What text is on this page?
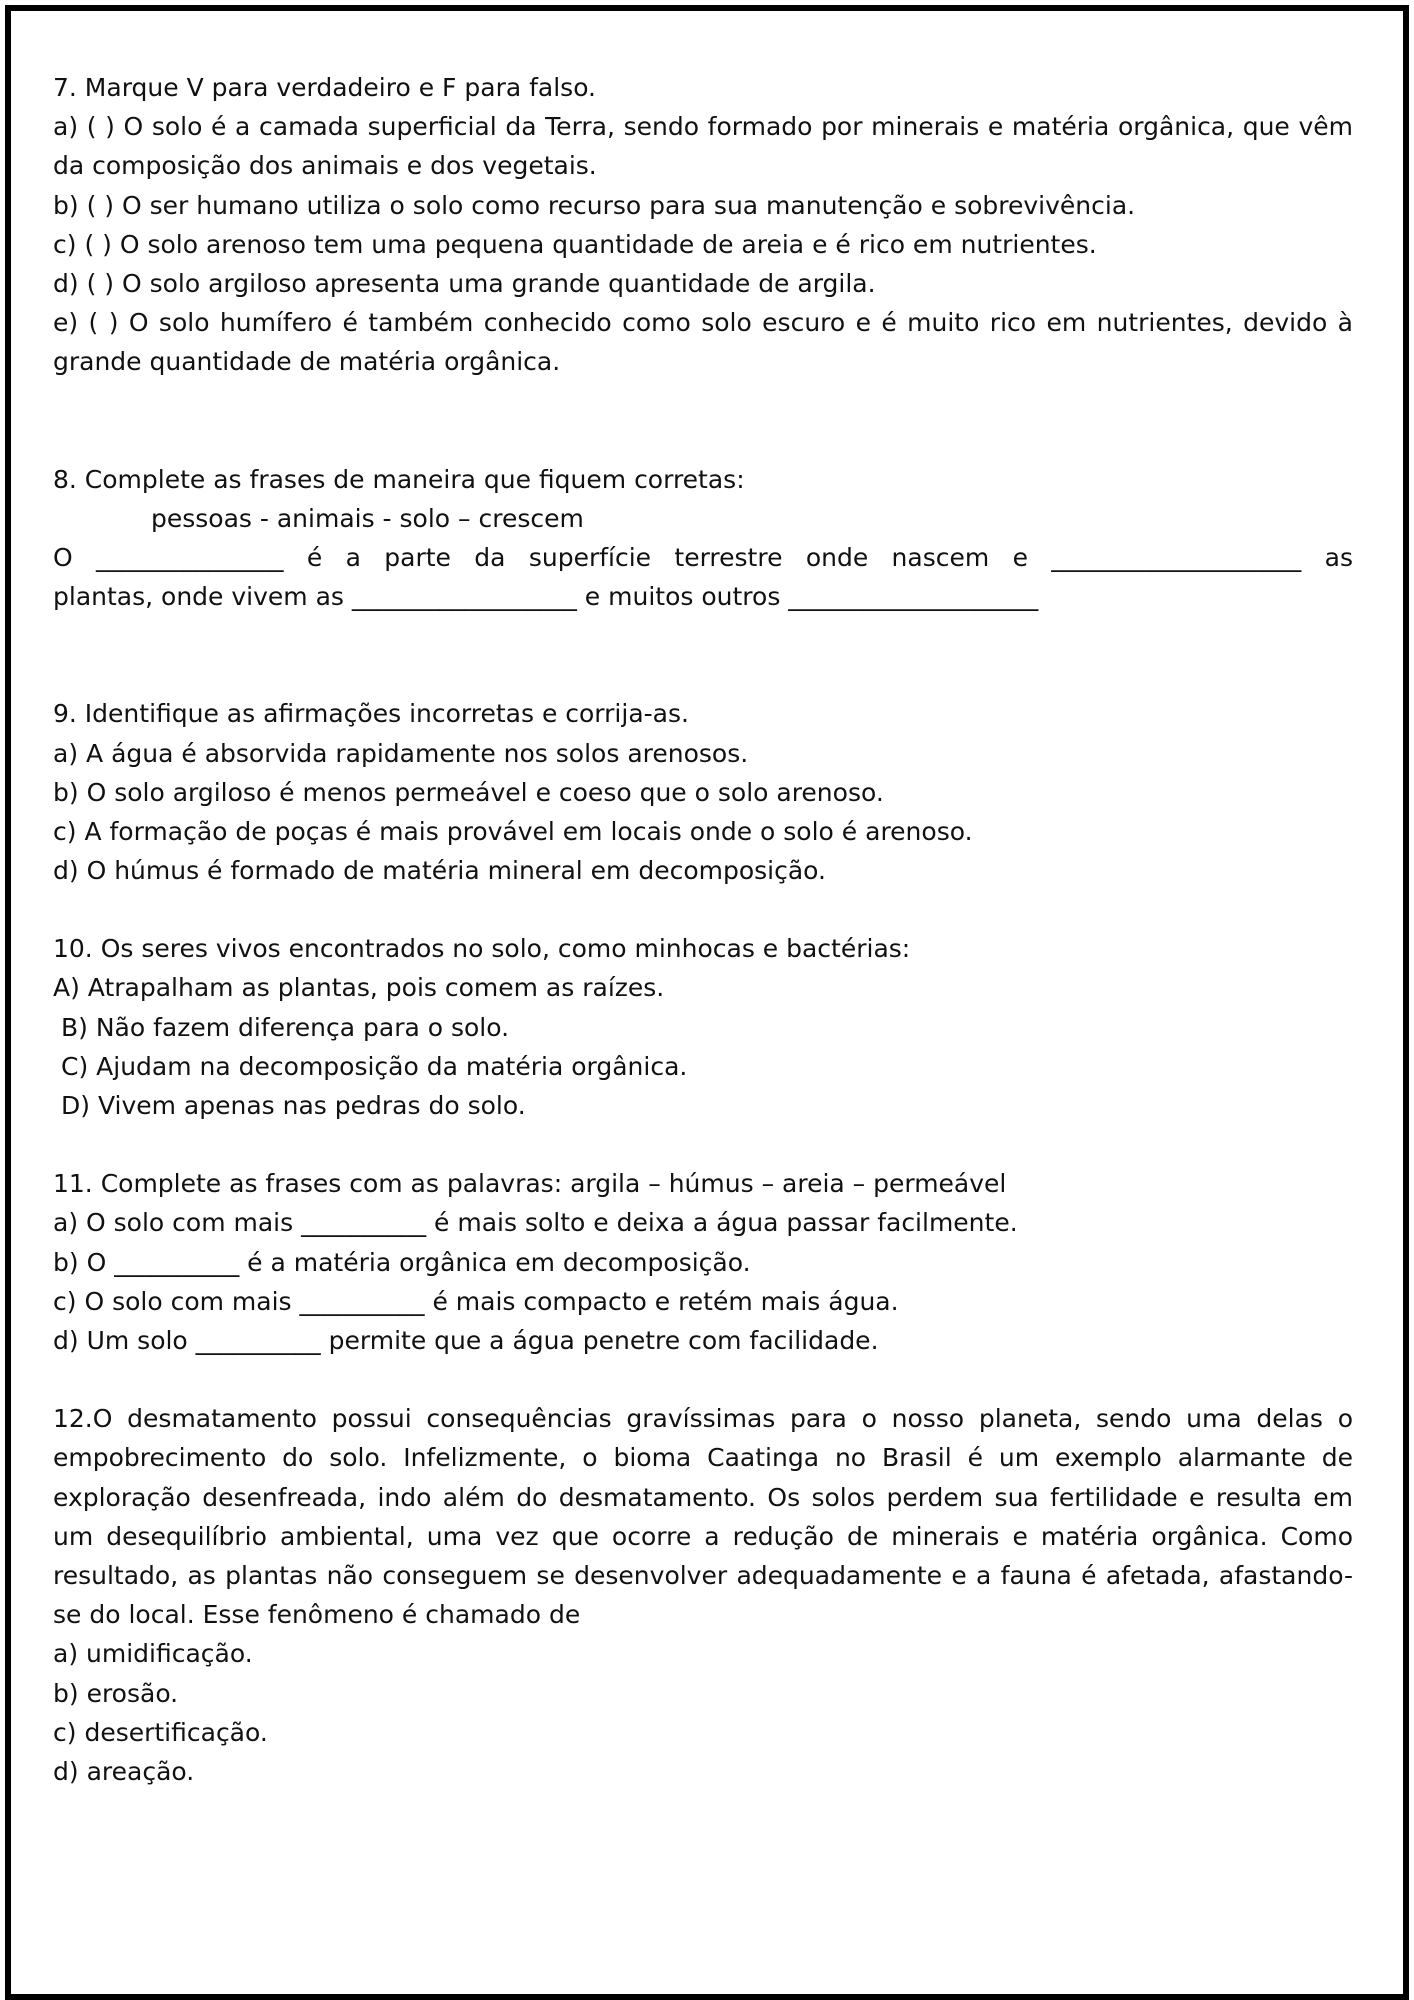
7. Marque V para verdadeiro e F para falso.

a) ( ) O solo é a camada superficial da Terra, sendo formado por minerais e matéria orgânica, que vêm da composição dos animais e dos vegetais.

b) ( ) O ser humano utiliza o solo como recurso para sua manutenção e sobrevivência.

c) ( ) O solo arenoso tem uma pequena quantidade de areia e é rico em nutrientes.

d) ( ) O solo argiloso apresenta uma grande quantidade de argila.

e) ( ) O solo humífero é também conhecido como solo escuro e é muito rico em nutrientes, devido à grande quantidade de matéria orgânica.

8. Complete as frases de maneira que fiquem corretas:

pessoas - animais - solo – crescem

O _______________ é a parte da superfície terrestre onde nascem e ____________________ as

plantas, onde vivem as __________________ e muitos outros ____________________

9. Identifique as afirmações incorretas e corrija-as.

a) A água é absorvida rapidamente nos solos arenosos.

b) O solo argiloso é menos permeável e coeso que o solo arenoso.

c) A formação de poças é mais provável em locais onde o solo é arenoso.

d) O húmus é formado de matéria mineral em decomposição.

10. Os seres vivos encontrados no solo, como minhocas e bactérias:

A) Atrapalham as plantas, pois comem as raízes.

B) Não fazem diferença para o solo.

C) Ajudam na decomposição da matéria orgânica.

D) Vivem apenas nas pedras do solo.

11. Complete as frases com as palavras: argila – húmus – areia – permeável

a) O solo com mais __________ é mais solto e deixa a água passar facilmente.

b) O __________ é a matéria orgânica em decomposição.

c) O solo com mais __________ é mais compacto e retém mais água.

d) Um solo __________ permite que a água penetre com facilidade.

12.O desmatamento possui consequências gravíssimas para o nosso planeta, sendo uma delas o empobrecimento do solo. Infelizmente, o bioma Caatinga no Brasil é um exemplo alarmante de exploração desenfreada, indo além do desmatamento. Os solos perdem sua fertilidade e resulta em um desequilíbrio ambiental, uma vez que ocorre a redução de minerais e matéria orgânica. Como resultado, as plantas não conseguem se desenvolver adequadamente e a fauna é afetada, afastando-se do local. Esse fenômeno é chamado de

a) umidificação.

b) erosão.

c) desertificação.

d) areação.
